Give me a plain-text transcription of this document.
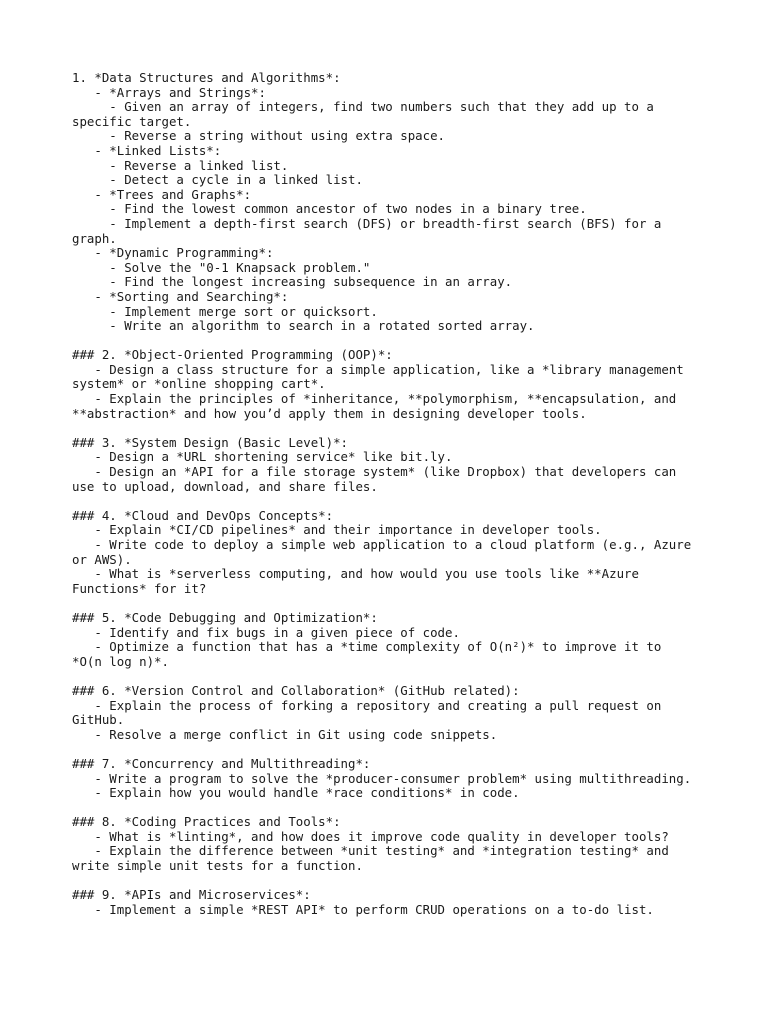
1. *Data Structures and Algorithms*:
- *Arrays and Strings*:
- Given an array of integers, find two numbers such that they add up to a
specific target.
- Reverse a string without using extra space.
- *Linked Lists*:
- Reverse a linked list.
- Detect a cycle in a linked list.
- *Trees and Graphs*:
- Find the lowest common ancestor of two nodes in a binary tree.
- Implement a depth-first search (DFS) or breadth-first search (BFS) for a
graph.
- *Dynamic Programming*:
- Solve the "0-1 Knapsack problem."
- Find the longest increasing subsequence in an array.
- *Sorting and Searching*:
- Implement merge sort or quicksort.
- Write an algorithm to search in a rotated sorted array.
### 2. *Object-Oriented Programming (OOP)*:
- Design a class structure for a simple application, like a *library management
system* or *online shopping cart*.
- Explain the principles of *inheritance, **polymorphism, **encapsulation, and
**abstraction* and how you’d apply them in designing developer tools.
### 3. *System Design (Basic Level)*:
- Design a *URL shortening service* like bit.ly.
- Design an *API for a file storage system* (like Dropbox) that developers can
use to upload, download, and share files.
### 4. *Cloud and DevOps Concepts*:
- Explain *CI/CD pipelines* and their importance in developer tools.
- Write code to deploy a simple web application to a cloud platform (e.g., Azure
or AWS).
- What is *serverless computing, and how would you use tools like **Azure
Functions* for it?
### 5. *Code Debugging and Optimization*:
- Identify and fix bugs in a given piece of code.
- Optimize a function that has a *time complexity of O(n²)* to improve it to
*O(n log n)*.
### 6. *Version Control and Collaboration* (GitHub related):
- Explain the process of forking a repository and creating a pull request on
GitHub.
- Resolve a merge conflict in Git using code snippets.
### 7. *Concurrency and Multithreading*:
- Write a program to solve the *producer-consumer problem* using multithreading.
- Explain how you would handle *race conditions* in code.
### 8. *Coding Practices and Tools*:
- What is *linting*, and how does it improve code quality in developer tools?
- Explain the difference between *unit testing* and *integration testing* and
write simple unit tests for a function.
### 9. *APIs and Microservices*:
- Implement a simple *REST API* to perform CRUD operations on a to-do list.
